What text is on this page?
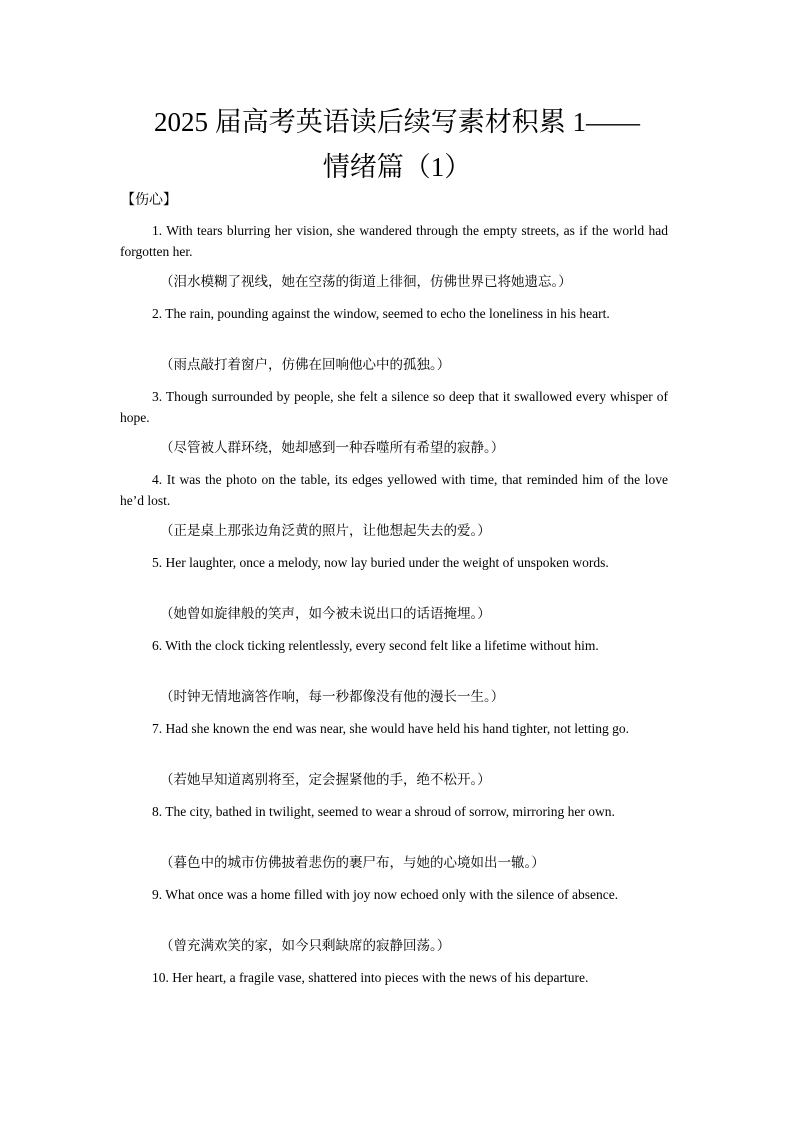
2025 届高考英语读后续写素材积累 1——
情绪篇（1）

【伤心】

1. With tears blurring her vision, she wandered through the empty streets, as if the world had forgotten her.

（泪水模糊了视线，她在空荡的街道上徘徊，仿佛世界已将她遗忘。）

2. The rain, pounding against the window, seemed to echo the loneliness in his heart.

（雨点敲打着窗户，仿佛在回响他心中的孤独。）

3. Though surrounded by people, she felt a silence so deep that it swallowed every whisper of hope.

（尽管被人群环绕，她却感到一种吞噬所有希望的寂静。）

4. It was the photo on the table, its edges yellowed with time, that reminded him of the love he’d lost.

（正是桌上那张边角泛黄的照片，让他想起失去的爱。）

5. Her laughter, once a melody, now lay buried under the weight of unspoken words.

（她曾如旋律般的笑声，如今被未说出口的话语掩埋。）

6. With the clock ticking relentlessly, every second felt like a lifetime without him.

（时钟无情地滴答作响，每一秒都像没有他的漫长一生。）

7. Had she known the end was near, she would have held his hand tighter, not letting go.

（若她早知道离别将至，定会握紧他的手，绝不松开。）

8. The city, bathed in twilight, seemed to wear a shroud of sorrow, mirroring her own.

（暮色中的城市仿佛披着悲伤的裹尸布，与她的心境如出一辙。）

9. What once was a home filled with joy now echoed only with the silence of absence.

（曾充满欢笑的家，如今只剩缺席的寂静回荡。）

10. Her heart, a fragile vase, shattered into pieces with the news of his departure.
